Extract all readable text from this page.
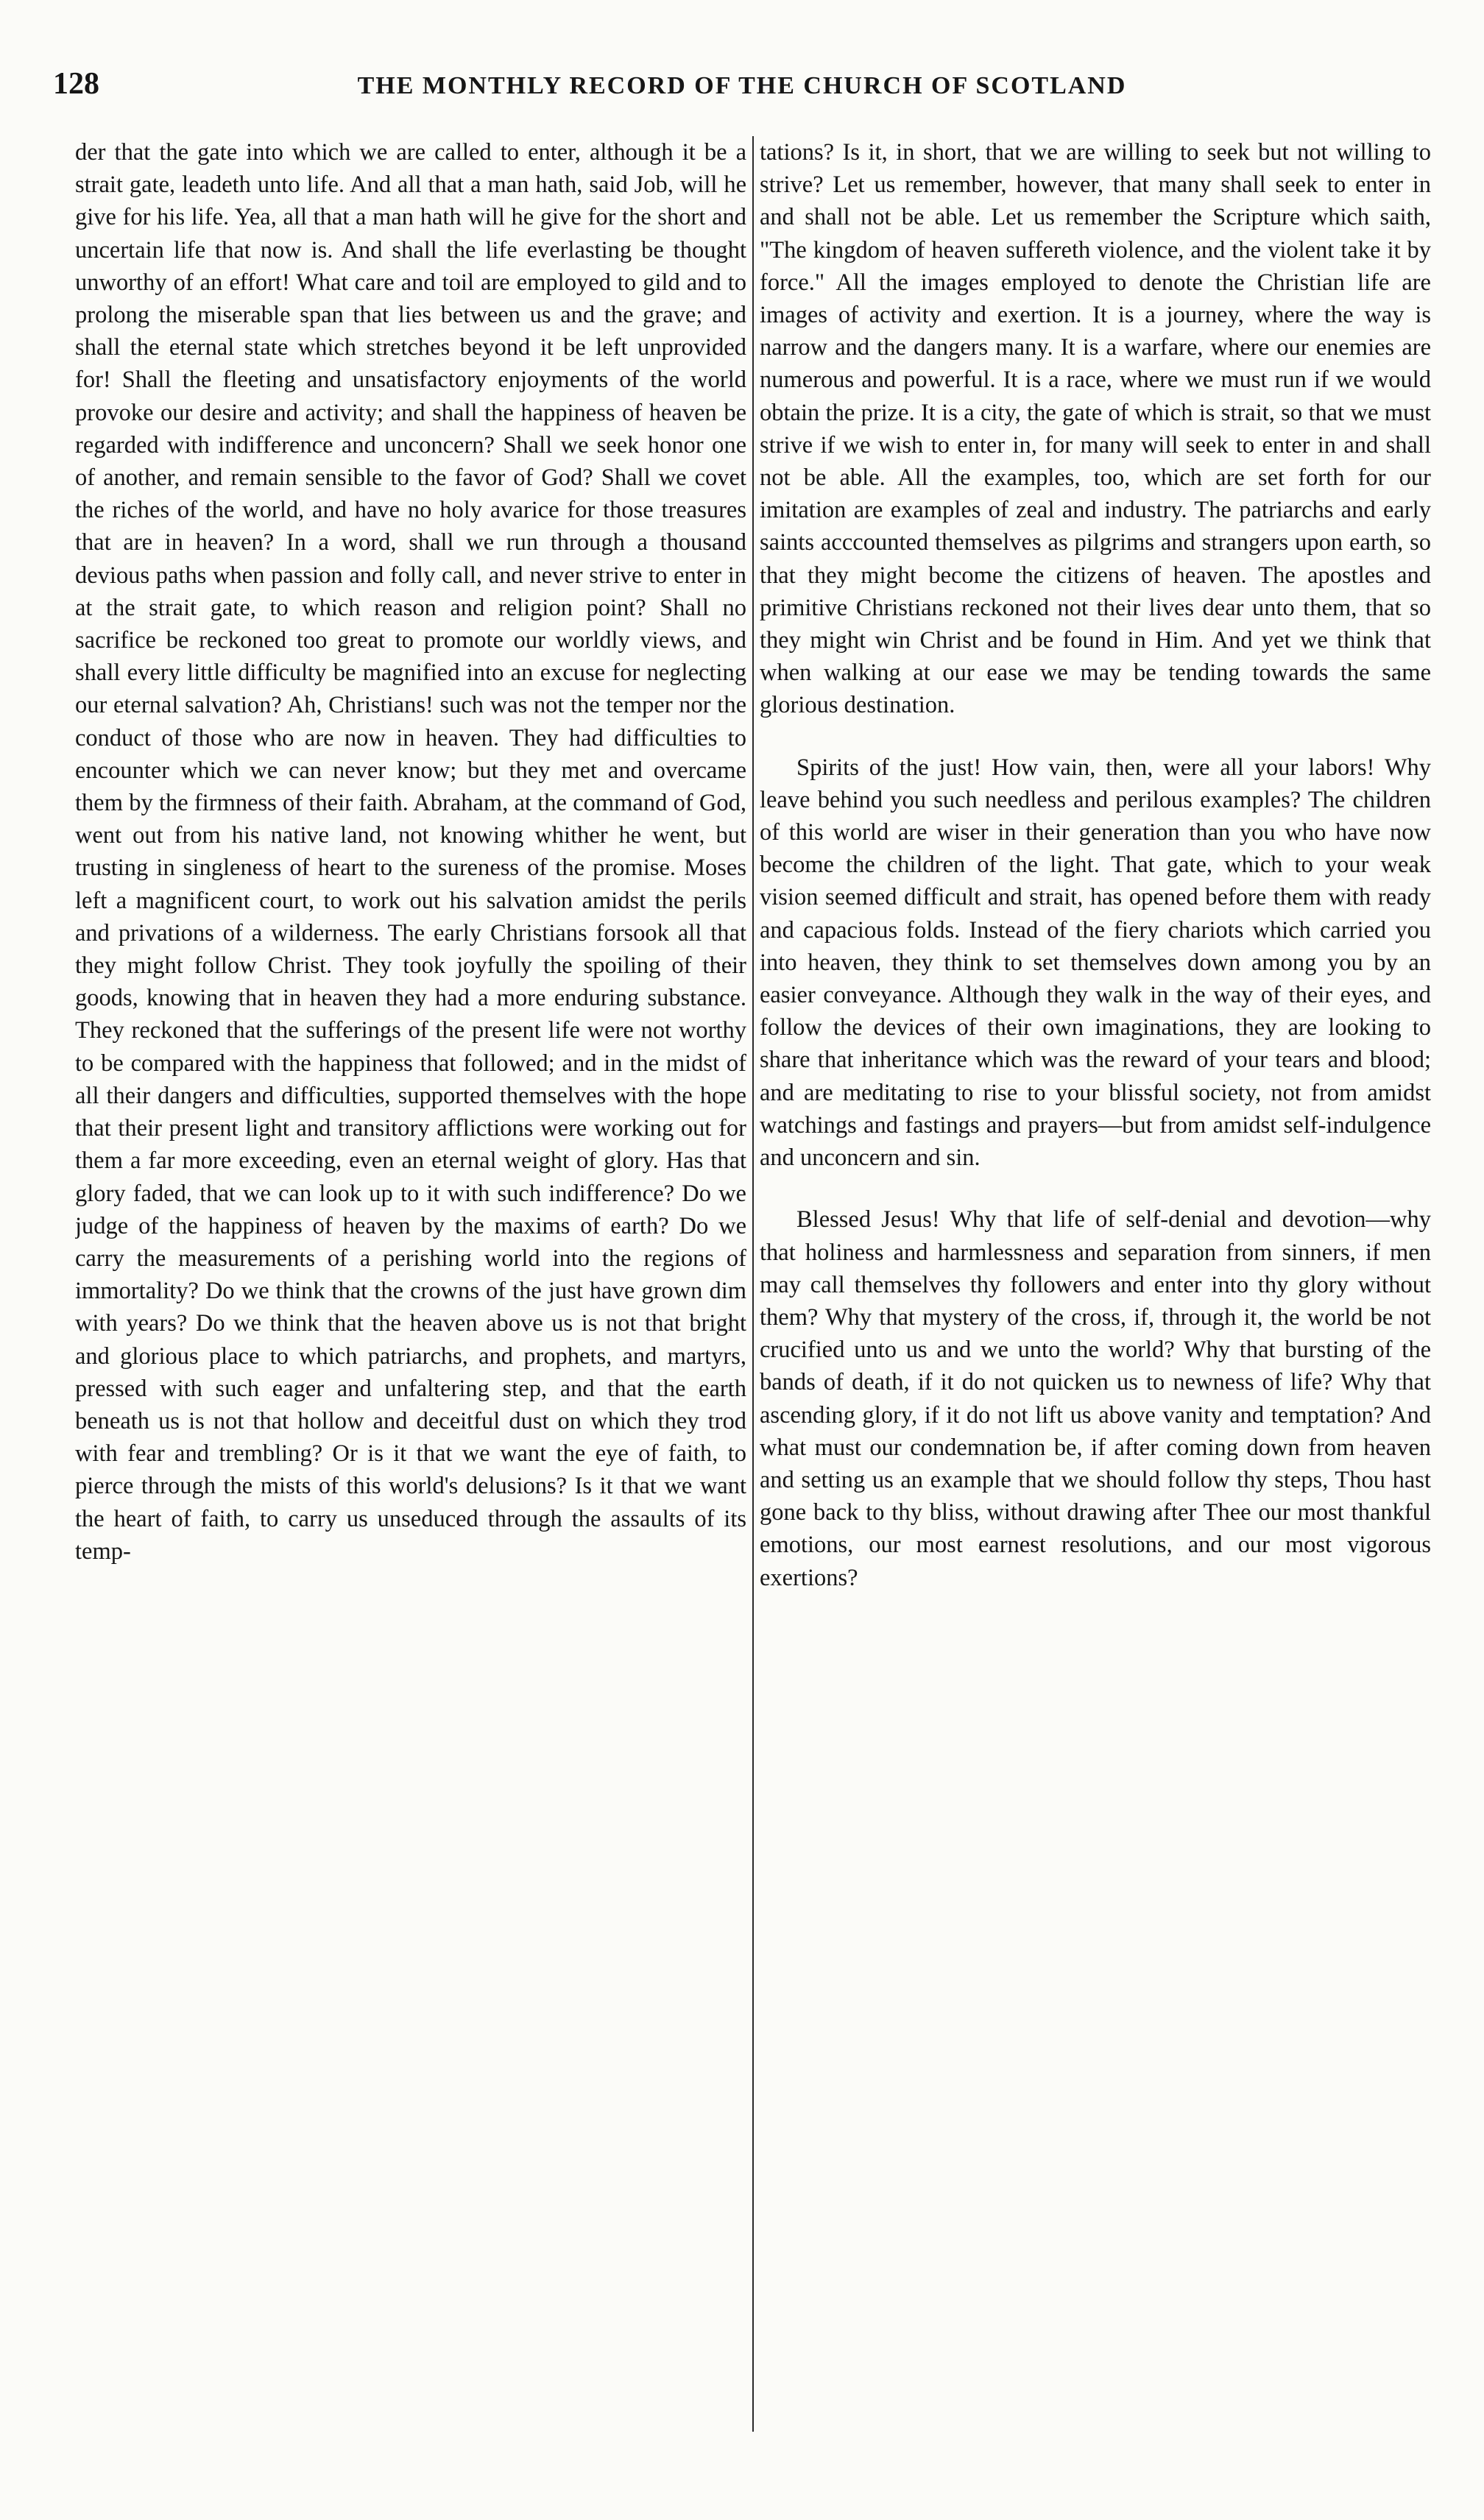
128	THE MONTHLY RECORD OF THE CHURCH OF SCOTLAND

der that the gate into which we are called to enter, although it be a strait gate, leadeth unto life. And all that a man hath, said Job, will he give for his life. Yea, all that a man hath will he give for the short and uncertain life that now is. And shall the life everlasting be thought unworthy of an effort! What care and toil are employed to gild and to prolong the miserable span that lies between us and the grave; and shall the eternal state which stretches beyond it be left unprovided for! Shall the fleeting and unsatisfactory enjoyments of the world provoke our desire and activity; and shall the happiness of heaven be regarded with indifference and unconcern? Shall we seek honor one of another, and remain sensible to the favor of God? Shall we covet the riches of the world, and have no holy avarice for those treasures that are in heaven? In a word, shall we run through a thousand devious paths when passion and folly call, and never strive to enter in at the strait gate, to which reason and religion point? Shall no sacrifice be reckoned too great to promote our worldly views, and shall every little difficulty be magnified into an excuse for neglecting our eternal salvation? Ah, Christians! such was not the temper nor the conduct of those who are now in heaven. They had difficulties to encounter which we can never know; but they met and overcame them by the firmness of their faith. Abraham, at the command of God, went out from his native land, not knowing whither he went, but trusting in singleness of heart to the sureness of the promise. Moses left a magnificent court, to work out his salvation amidst the perils and privations of a wilderness. The early Christians forsook all that they might follow Christ. They took joyfully the spoiling of their goods, knowing that in heaven they had a more enduring substance. They reckoned that the sufferings of the present life were not worthy to be compared with the happiness that followed; and in the midst of all their dangers and difficulties, supported themselves with the hope that their present light and transitory afflictions were working out for them a far more exceeding, even an eternal weight of glory. Has that glory faded, that we can look up to it with such indifference? Do we judge of the happiness of heaven by the maxims of earth? Do we carry the measurements of a perishing world into the regions of immortality? Do we think that the crowns of the just have grown dim with years? Do we think that the heaven above us is not that bright and glorious place to which patriarchs, and prophets, and martyrs, pressed with such eager and unfaltering step, and that the earth beneath us is not that hollow and deceitful dust on which they trod with fear and trembling? Or is it that we want the eye of faith, to pierce through the mists of this world's delusions? Is it that we want the heart of faith, to carry us unseduced through the assaults of its temp-

tations? Is it, in short, that we are willing to seek but not willing to strive? Let us remember, however, that many shall seek to enter in and shall not be able. Let us remember the Scripture which saith, "The kingdom of heaven suffereth violence, and the violent take it by force." All the images employed to denote the Christian life are images of activity and exertion. It is a journey, where the way is narrow and the dangers many. It is a warfare, where our enemies are numerous and powerful. It is a race, where we must run if we would obtain the prize. It is a city, the gate of which is strait, so that we must strive if we wish to enter in, for many will seek to enter in and shall not be able. All the examples, too, which are set forth for our imitation are examples of zeal and industry. The patriarchs and early saints acccounted themselves as pilgrims and strangers upon earth, so that they might become the citizens of heaven. The apostles and primitive Christians reckoned not their lives dear unto them, that so they might win Christ and be found in Him. And yet we think that when walking at our ease we may be tending towards the same glorious destination.

Spirits of the just! How vain, then, were all your labors! Why leave behind you such needless and perilous examples? The children of this world are wiser in their generation than you who have now become the children of the light. That gate, which to your weak vision seemed difficult and strait, has opened before them with ready and capacious folds. Instead of the fiery chariots which carried you into heaven, they think to set themselves down among you by an easier conveyance. Although they walk in the way of their eyes, and follow the devices of their own imaginations, they are looking to share that inheritance which was the reward of your tears and blood; and are meditating to rise to your blissful society, not from amidst watchings and fastings and prayers—but from amidst self-indulgence and unconcern and sin.

Blessed Jesus! Why that life of self-denial and devotion—why that holiness and harmlessness and separation from sinners, if men may call themselves thy followers and enter into thy glory without them? Why that mystery of the cross, if, through it, the world be not crucified unto us and we unto the world? Why that bursting of the bands of death, if it do not quicken us to newness of life? Why that ascending glory, if it do not lift us above vanity and temptation? And what must our condemnation be, if after coming down from heaven and setting us an example that we should follow thy steps, Thou hast gone back to thy bliss, without drawing after Thee our most thankful emotions, our most earnest resolutions, and our most vigorous exertions?
